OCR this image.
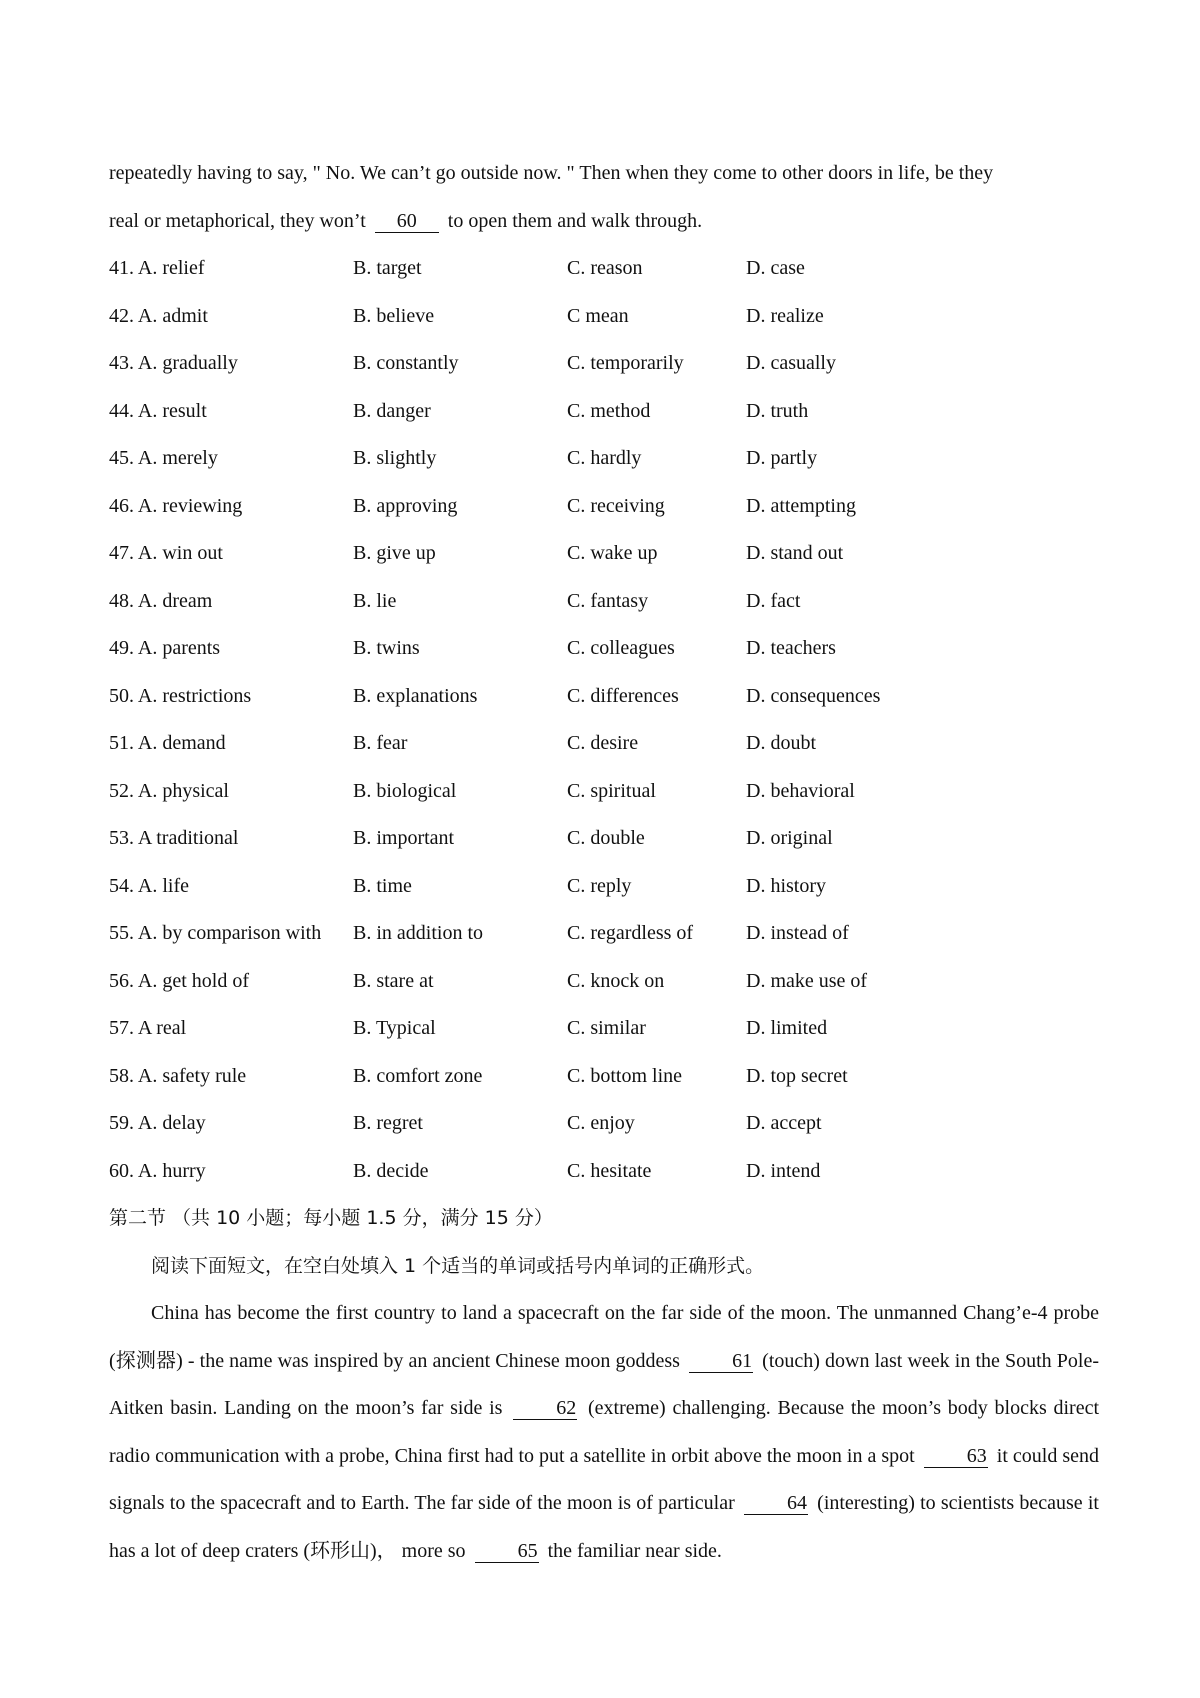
repeatedly having to say, " No. We can’t go outside now. " Then when they come to other doors in life, be they
real or metaphorical, they won’t 60 to open them and walk through.

41. A. relief	B. target	C. reason	D. case
42. A. admit	B. believe	C mean	D. realize
43. A. gradually	B. constantly	C. temporarily	D. casually
44. A. result	B. danger	C. method	D. truth
45. A. merely	B. slightly	C. hardly	D. partly
46. A. reviewing	B. approving	C. receiving	D. attempting
47. A. win out	B. give up	C. wake up	D. stand out
48. A. dream	B. lie	C. fantasy	D. fact
49. A. parents	B. twins	C. colleagues	D. teachers
50. A. restrictions	B. explanations	C. differences	D. consequences
51. A. demand	B. fear	C. desire	D. doubt
52. A. physical	B. biological	C. spiritual	D. behavioral
53. A traditional	B. important	C. double	D. original
54. A. life	B. time	C. reply	D. history
55. A. by comparison with B. in addition to	C. regardless of	D. instead of
56. A. get hold of	B. stare at	C. knock on	D. make use of
57. A real	B. Typical	C. similar	D. limited
58. A. safety rule	B. comfort zone	C. bottom line	D. top secret
59. A. delay	B. regret	C. enjoy	D. accept
60. A. hurry	B. decide	C. hesitate	D. intend
第二节 （共 10 小题；每小题 1.5 分，满分 15 分）
阅读下面短文，在空白处填入 1 个适当的单词或括号内单词的正确形式。

China has become the first country to land a spacecraft on the far side of the moon. The unmanned Chang’e-4 probe (探测器) - the name was inspired by an ancient Chinese moon goddess	61 (touch) down last week in the South Pole-Aitken basin. Landing on the moon’s far side is	62 (extreme) challenging. Because the moon’s body blocks direct radio communication with a probe, China first had to put a satellite in orbit above the moon in a spot	63 it could send signals to the spacecraft and to Earth. The far side of the moon is of particular	64 (interesting) to scientists because it has a lot of deep craters (环形山)， more so	65 the familiar near side.
